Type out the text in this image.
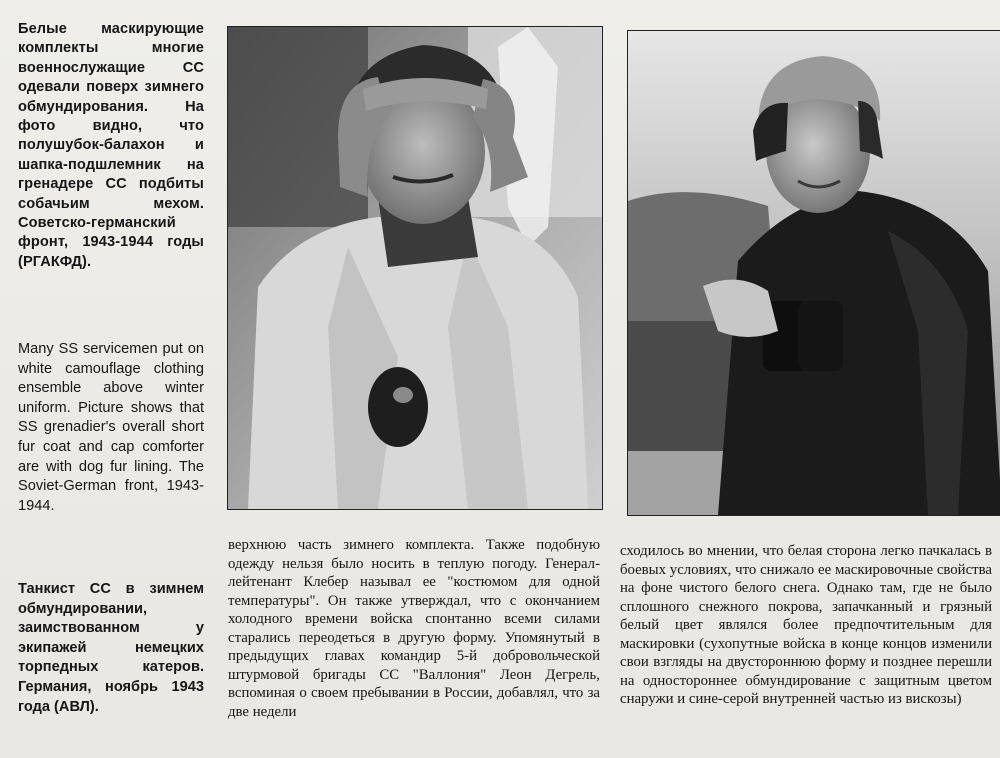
Белые маскирующие комплекты многие военнослужащие СС одевали поверх зимнего обмундирования. На фото видно, что полушубок-балахон и шапка-подшлемник на гренадере СС подбиты собачьим мехом. Советско-германский фронт, 1943-1944 годы (РГАКФД).
Many SS servicemen put on white camouflage clothing ensemble above winter uniform. Picture shows that SS grenadier's overall short fur coat and cap comforter are with dog fur lining. The Soviet-German front, 1943-1944.
Танкист СС в зимнем обмундировании, заимствованном у экипажей немецких торпедных катеров. Германия, ноябрь 1943 года (АВЛ).

верхнюю часть зимнего комплекта. Также подобную одежду нельзя было носить в теплую погоду. Генерал-лейтенант Клебер называл ее "костюмом для одной температуры". Он также утверждал, что с окончанием холодного времени войска спонтанно всеми силами старались переодеться в другую форму. Упомянутый в предыдущих главах командир 5-й добровольческой штурмовой бригады СС "Валлония" Леон Дегрель, вспоминая о своем пребывании в России, добавлял, что за две недели

сходилось во мнении, что белая сторона легко пачкалась в боевых условиях, что снижало ее маскировочные свойства на фоне чистого белого снега. Однако там, где не было сплошного снежного покрова, запачканный и грязный белый цвет являлся более предпочтительным для маскировки (сухопутные войска в конце концов изменили свои взгляды на двустороннюю форму и позднее перешли на одностороннее обмундирование с защитным цветом снаружи и сине-серой внутренней частью из вискозы)
